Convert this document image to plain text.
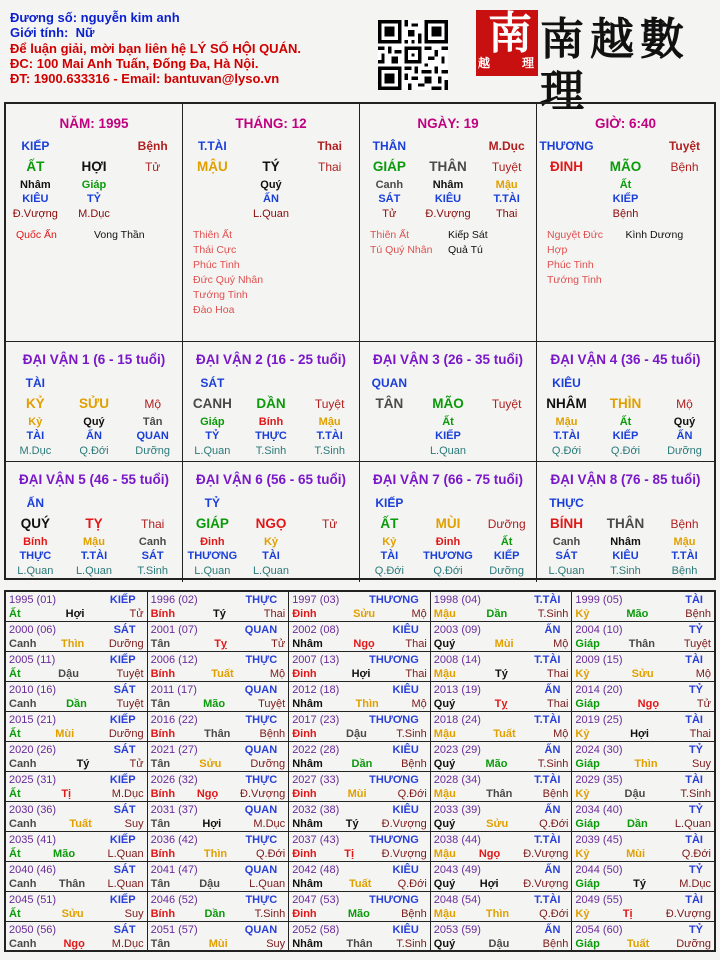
Đương số: nguyễn kim anh
Giới tính: Nữ
Để luận giải, mời bạn liên hệ LÝ SỐ HỘI QUÁN.
ĐC: 100 Mai Anh Tuấn, Đống Đa, Hà Nội.
ĐT: 1900.633316 - Email: bantuvan@lyso.vn
南
越	理 南越數理
NĂM: 1995
KIẾP	Bệnh
ẤT	HỢI	Tử
Nhâm	Giáp
KIÊU	TỶ
Đ.Vượng	M.Dục
Quốc Ấn	Vong Thần
THÁNG: 12
T.TÀI	Thai
MẬU	TÝ	Thai
Quý
ẤN
L.Quan
Thiên Ất
Thái Cực
Phúc Tinh
Đức Quý Nhân
Tướng Tinh
Đào Hoa
NGÀY: 19
THÂN	M.Dục
GIÁP	THÂN	Tuyệt
Canh	Nhâm	Mậu
SÁT	KIÊU	T.TÀI
Tử	Đ.Vượng	Thai
Thiên Ất
Tú Quý Nhân
Kiếp Sát
Quả Tú
GIỜ: 6:40
THƯƠNG	Tuyệt
ĐINH	MÃO	Bệnh
Ất
KIẾP
Bệnh
Nguyệt Đức Hợp
Phúc Tinh
Tướng Tinh
Kình Dương
ĐẠI VẬN 1 (6 - 15 tuổi)
TÀI
KỶ	SỬU	Mộ
Kỷ	Quý	Tân
TÀI	ẤN	QUAN
M.Dục	Q.Đới	Dưỡng
ĐẠI VẬN 2 (16 - 25 tuổi)
SÁT
CANH	DẦN	Tuyệt
Giáp	Bính	Mậu
TỶ	THỰC	T.TÀI
L.Quan	T.Sinh	T.Sinh
ĐẠI VẬN 3 (26 - 35 tuổi)
QUAN
TÂN	MÃO	Tuyệt
Ất
KIẾP
L.Quan
ĐẠI VẬN 4 (36 - 45 tuổi)
KIÊU
NHÂM	THÌN	Mộ
Mậu	Ất	Quý
T.TÀI	KIẾP	ẤN
Q.Đới	Q.Đới	Dưỡng
ĐẠI VẬN 5 (46 - 55 tuổi)
ẤN
QUÝ	TỴ	Thai
Bính	Mậu	Canh
THỰC	T.TÀI	SÁT
L.Quan	L.Quan	T.Sinh
ĐẠI VẬN 6 (56 - 65 tuổi)
TỶ
GIÁP	NGỌ	Tử
Đinh	Kỷ
THƯƠNG	TÀI
L.Quan	L.Quan
ĐẠI VẬN 7 (66 - 75 tuổi)
KIẾP
ẤT	MÙI	Dưỡng
Kỷ	Đinh	Ất
TÀI	THƯƠNG	KIẾP
Q.Đới	Q.Đới	Dưỡng
ĐẠI VẬN 8 (76 - 85 tuổi)
THỰC
BÍNH	THÂN	Bệnh
Canh	Nhâm	Mậu
SÁT	KIÊU	T.TÀI
L.Quan	T.Sinh	Bệnh
1995 (01)	KIẾP
Ất	Hợi	Tử
1996 (02)	THỰC
Bính	Tý	Thai
1997 (03)	THƯƠNG
Đinh	Sửu	Mộ
1998 (04)	T.TÀI
Mậu	Dần	T.Sinh
1999 (05)	TÀI
Kỷ	Mão	Bệnh
2000 (06)	SÁT
Canh Thìn Dưỡng
2001 (07)	QUAN
Tân	Tỵ	Tử
2002 (08)	KIÊU
Nhâm	Ngọ	Thai
2003 (09)	ẤN
Quý	Mùi	Mộ
2004 (10)	TỶ
Giáp	Thân	Tuyệt
2005 (11)	KIẾP
Ất	Dậu	Tuyệt
2006 (12)	THỰC
Bính	Tuất	Mộ
2007 (13)	THƯƠNG
Đinh	Hợi	Thai
2008 (14)	T.TÀI
Mậu	Tý	Thai
2009 (15)	TÀI
Kỷ	Sửu	Mộ
2010 (16)	SÁT
Canh	Dần	Tuyệt
2011 (17)	QUAN
Tân	Mão	Tuyệt
2012 (18)	KIÊU
Nhâm	Thìn	Mộ
2013 (19)	ẤN
Quý	Tỵ	Thai
2014 (20)	TỶ
Giáp	Ngọ	Tử
2015 (21)	KIẾP
Ất	Mùi	Dưỡng
2016 (22)	THỰC
Bính	Thân	Bệnh
2017 (23)	THƯƠNG
Đinh	Dậu	T.Sinh
2018 (24)	T.TÀI
Mậu	Tuất	Mộ
2019 (25)	TÀI
Kỷ	Hợi	Thai
2020 (26)	SÁT
Canh	Tý	Tử
2021 (27)	QUAN
Tân	Sửu	Dưỡng
2022 (28)	KIÊU
Nhâm	Dần	Bệnh
2023 (29)	ẤN
Quý	Mão	T.Sinh
2024 (30)	TỶ
Giáp	Thìn	Suy
2025 (31)	KIẾP
Ất	Tị	M.Dục
2026 (32)	THỰC
Bính Ngọ Đ.Vượng
2027 (33)	THƯƠNG
Đinh	Mùi	Q.Đới
2028 (34)	T.TÀI
Mậu	Thân	Bệnh
2029 (35)	TÀI
Kỷ	Dậu	T.Sinh
2030 (36)	SÁT
Canh	Tuất	Suy
2031 (37)	QUAN
Tân	Hợi	M.Dục
2032 (38)	KIÊU
Nhâm Tý Đ.Vượng
2033 (39)	ẤN
Quý	Sửu	Q.Đới
2034 (40)	TỶ
Giáp Dần L.Quan
2035 (41)	KIẾP
Ất	Mão	L.Quan
2036 (42)	THỰC
Bính	Thìn	Q.Đới
2037 (43)	THƯƠNG
Đinh	Tị	Đ.Vượng
2038 (44)	T.TÀI
Mậu Ngọ Đ.Vượng
2039 (45)	TÀI
Kỷ	Mùi	Q.Đới
2040 (46)	SÁT
Canh Thân L.Quan
2041 (47)	QUAN
Tân	Dậu	L.Quan
2042 (48)	KIÊU
Nhâm Tuất Q.Đới
2043 (49)	ẤN
Quý Hợi Đ.Vượng
2044 (50)	TỶ
Giáp	Tý	M.Dục
2045 (51)	KIẾP
Ất	Sửu	Suy
2046 (52)	THỰC
Bính	Dần	T.Sinh
2047 (53)	THƯƠNG
Đinh	Mão	Bệnh
2048 (54)	T.TÀI
Mậu	Thìn	Q.Đới
2049 (55)	TÀI
Kỷ	Tị	Đ.Vượng
2050 (56)	SÁT
Canh Ngọ M.Dục
2051 (57)	QUAN
Tân	Mùi	Suy
2052 (58)	KIÊU
Nhâm Thân T.Sinh
2053 (59)	ẤN
Quý	Dậu	Bệnh
2054 (60)	TỶ
Giáp Tuất Dưỡng
